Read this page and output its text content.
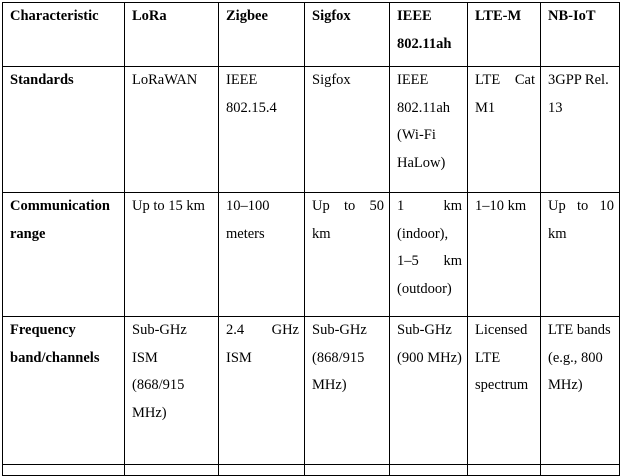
Characteristic	LoRa	Zigbee	Sigfox	IEEE 802.11ah	LTE-M	NB-IoT
Standards	LoRaWAN	IEEE 802.15.4	Sigfox	IEEE 802.11ah (Wi-Fi HaLow)	LTE Cat M1	3GPP Rel. 13
Communication range	Up to 15 km	10–100 meters	Up to 50 km	1 km (indoor), 1–5 km (outdoor)	1–10 km	Up to 10 km
Frequency band/channels	Sub-GHz ISM (868/915 MHz)	2.4 GHz ISM	Sub-GHz (868/915 MHz)	Sub-GHz (900 MHz)	Licensed LTE spectrum	LTE bands (e.g., 800 MHz)
